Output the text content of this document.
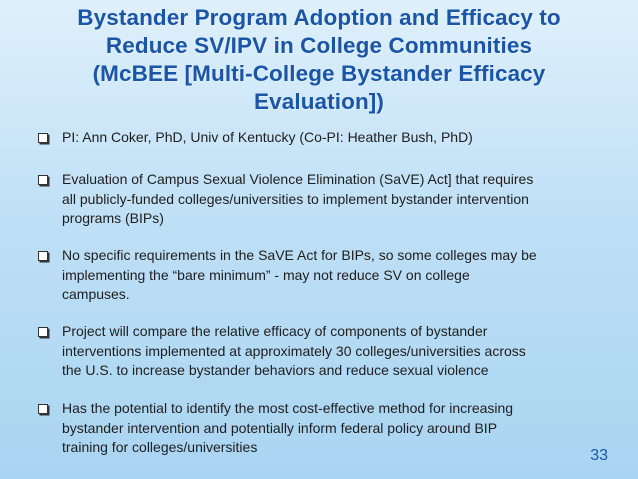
Bystander Program Adoption and Efficacy to
Reduce SV/IPV in College Communities
(McBEE [Multi-College Bystander Efficacy
Evaluation])
PI: Ann Coker, PhD, Univ of Kentucky (Co-PI: Heather Bush, PhD)
Evaluation of Campus Sexual Violence Elimination (SaVE) Act] that requires
all publicly-funded colleges/universities to implement bystander intervention
programs (BIPs)
No specific requirements in the SaVE Act for BIPs, so some colleges may be
implementing the “bare minimum” - may not reduce SV on college
campuses.
Project will compare the relative efficacy of components of bystander
interventions implemented at approximately 30 colleges/universities across
the U.S. to increase bystander behaviors and reduce sexual violence
Has the potential to identify the most cost-effective method for increasing
bystander intervention and potentially inform federal policy around BIP
training for colleges/universities	33
